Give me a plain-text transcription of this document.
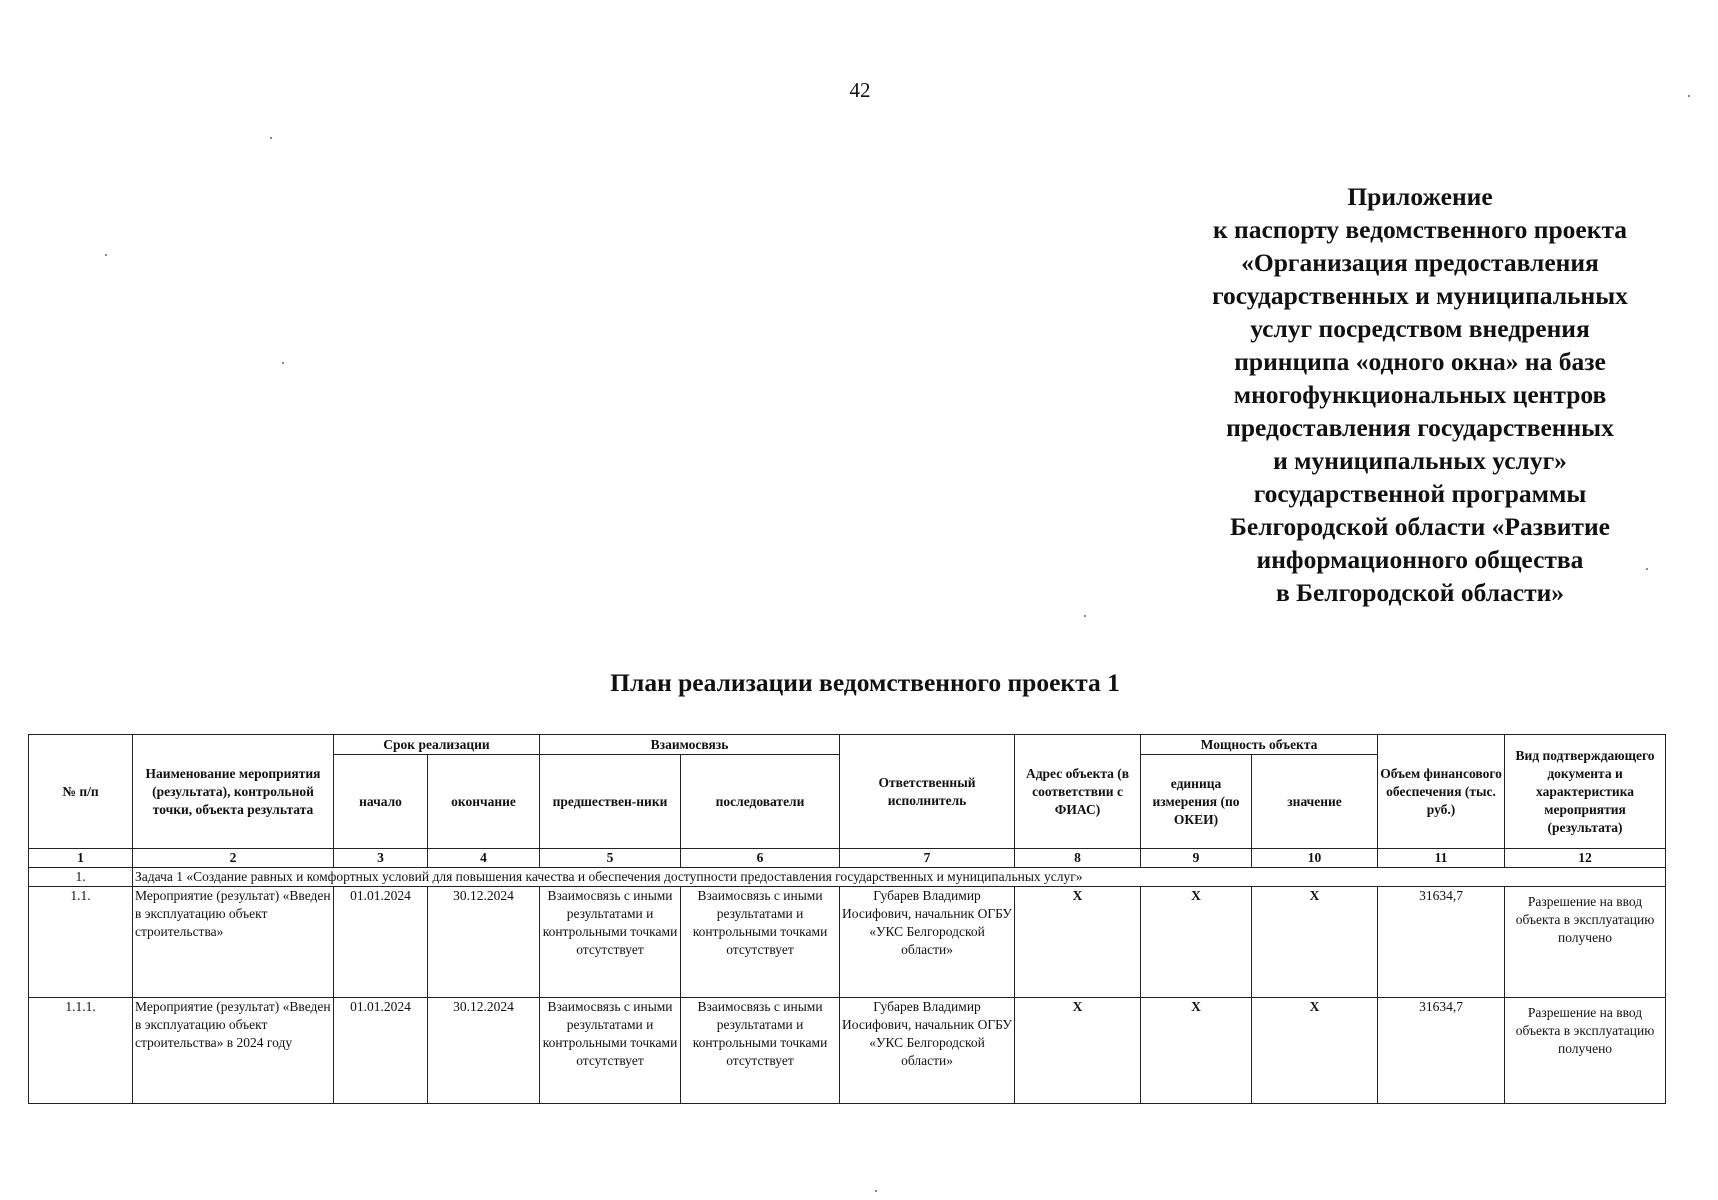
42
Приложение
к паспорту ведомственного проекта
«Организация предоставления
государственных и муниципальных
услуг посредством внедрения
принципа «одного окна» на базе
многофункциональных центров
предоставления государственных
и муниципальных услуг»
государственной программы
Белгородской области «Развитие
информационного общества
в Белгородской области»
План реализации ведомственного проекта 1
№ п/п	Наименование мероприятия (результата), контрольной точки, объекта результата	Срок реализации		Взаимосвязь		Ответственный исполнитель	Адрес объекта (в соответствии с ФИАС)	Мощность объекта		Объем финансового обеспечения (тыс. руб.)	Вид подтверждающего документа и характеристика мероприятия (результата)
		начало	окончание	предшествен-ники	последователи			единица измерения (по ОКЕИ)	значение		
1	2	3	4	5	6	7	8	9	10	11	12
1.	Задача 1 «Создание равных и комфортных условий для повышения качества и обеспечения доступности предоставления государственных и муниципальных услуг»										
1.1.	Мероприятие (результат) «Введен в эксплуатацию объект строительства»	01.01.2024	30.12.2024	Взаимосвязь с иными результатами и контрольными точками отсутствует	Взаимосвязь с иными результатами и контрольными точками отсутствует	Губарев Владимир Иосифович, начальник ОГБУ «УКС Белгородской области»	X	X	X	31634,7	Разрешение на ввод объекта в эксплуатацию получено
1.1.1.	Мероприятие (результат) «Введен в эксплуатацию объект строительства» в 2024 году	01.01.2024	30.12.2024	Взаимосвязь с иными результатами и контрольными точками отсутствует	Взаимосвязь с иными результатами и контрольными точками отсутствует	Губарев Владимир Иосифович, начальник ОГБУ «УКС Белгородской области»	X	X	X	31634,7	Разрешение на ввод объекта в эксплуатацию получено
